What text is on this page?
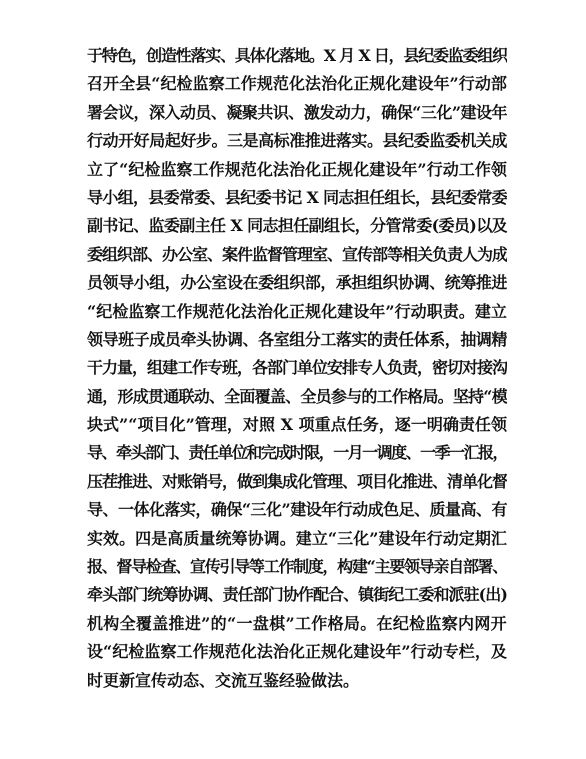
于特色，创造性落实、具体化落地。X 月 X 日，县纪委监委组织
召开全县“纪检监察工作规范化法治化正规化建设年”行动部
署会议，深入动员、凝聚共识、激发动力，确保“三化”建设年
行动开好局起好步。三是高标准推进落实。县纪委监委机关成
立了“纪检监察工作规范化法治化正规化建设年”行动工作领
导小组，县委常委、县纪委书记 X 同志担任组长，县纪委常委
副书记、监委副主任 X 同志担任副组长，分管常委(委员)以及
委组织部、办公室、案件监督管理室、宣传部等相关负责人为成
员领导小组，办公室设在委组织部，承担组织协调、统筹推进
“纪检监察工作规范化法治化正规化建设年”行动职责。建立
领导班子成员牵头协调、各室组分工落实的责任体系，抽调精
干力量，组建工作专班，各部门单位安排专人负责，密切对接沟
通，形成贯通联动、全面覆盖、全员参与的工作格局。坚持“模
块式”“项目化”管理，对照 X 项重点任务，逐一明确责任领
导、牵头部门、责任单位和完成时限，一月一调度、一季一汇报，
压茬推进、对账销号，做到集成化管理、项目化推进、清单化督
导、一体化落实，确保“三化”建设年行动成色足、质量高、有
实效。四是高质量统筹协调。建立“三化”建设年行动定期汇
报、督导检查、宣传引导等工作制度，构建“主要领导亲自部署、
牵头部门统筹协调、责任部门协作配合、镇街纪工委和派驻(出)
机构全覆盖推进”的“一盘棋”工作格局。在纪检监察内网开
设“纪检监察工作规范化法治化正规化建设年”行动专栏，及
时更新宣传动态、交流互鉴经验做法。
